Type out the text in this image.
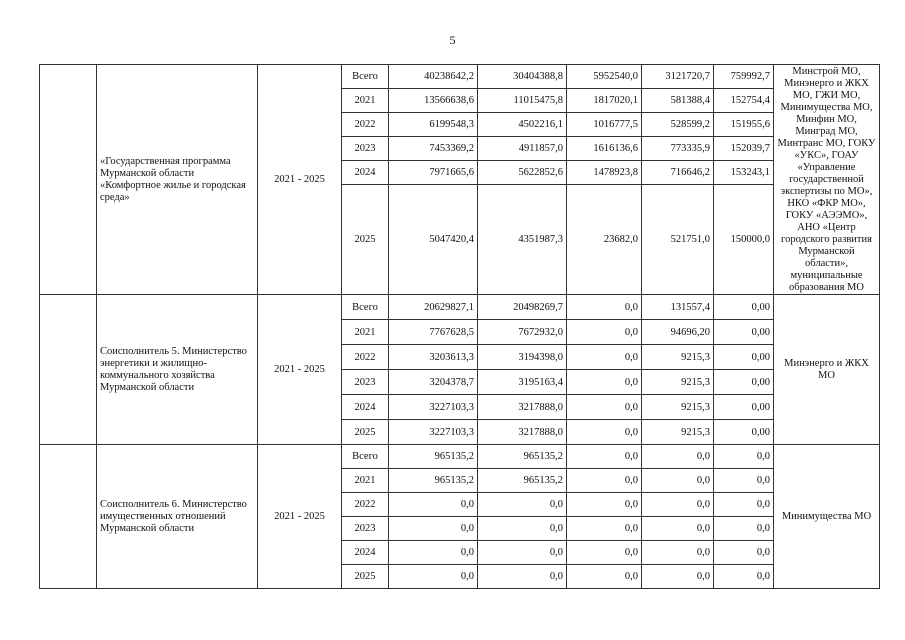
5
	«Государственная программа Мурманской области «Комфортное жилье и городская среда»	2021 - 2025	Всего	40238642,2	30404388,8	5952540,0	3121720,7	759992,7	Минстрой МО, Минэнерго и ЖКХ МО, ГЖИ МО, Минимущества МО, Минфин МО, Минград МО, Минтранс МО, ГОКУ «УКС», ГОАУ «Управление государственной экспертизы по МО», НКО «ФКР МО», ГОКУ «АЭЭМО», АНО «Центр городского развития Мурманской области», муниципальные образования МО
			2021	13566638,6	11015475,8	1817020,1	581388,4	152754,4	
			2022	6199548,3	4502216,1	1016777,5	528599,2	151955,6	
			2023	7453369,2	4911857,0	1616136,6	773335,9	152039,7	
			2024	7971665,6	5622852,6	1478923,8	716646,2	153243,1	
			2025	5047420,4	4351987,3	23682,0	521751,0	150000,0	
	Соисполнитель 5. Министерство энергетики и жилищно-коммунального хозяйства Мурманской области	2021 - 2025	Всего	20629827,1	20498269,7	0,0	131557,4	0,00	Минэнерго и ЖКХ МО
			2021	7767628,5	7672932,0	0,0	94696,20	0,00	
			2022	3203613,3	3194398,0	0,0	9215,3	0,00	
			2023	3204378,7	3195163,4	0,0	9215,3	0,00	
			2024	3227103,3	3217888,0	0,0	9215,3	0,00	
			2025	3227103,3	3217888,0	0,0	9215,3	0,00	
	Соисполнитель 6. Министерство имущественных отношений Мурманской области	2021 - 2025	Всего	965135,2	965135,2	0,0	0,0	0,0	Минимущества МО
			2021	965135,2	965135,2	0,0	0,0	0,0	
			2022	0,0	0,0	0,0	0,0	0,0	
			2023	0,0	0,0	0,0	0,0	0,0	
			2024	0,0	0,0	0,0	0,0	0,0	
			2025	0,0	0,0	0,0	0,0	0,0	
